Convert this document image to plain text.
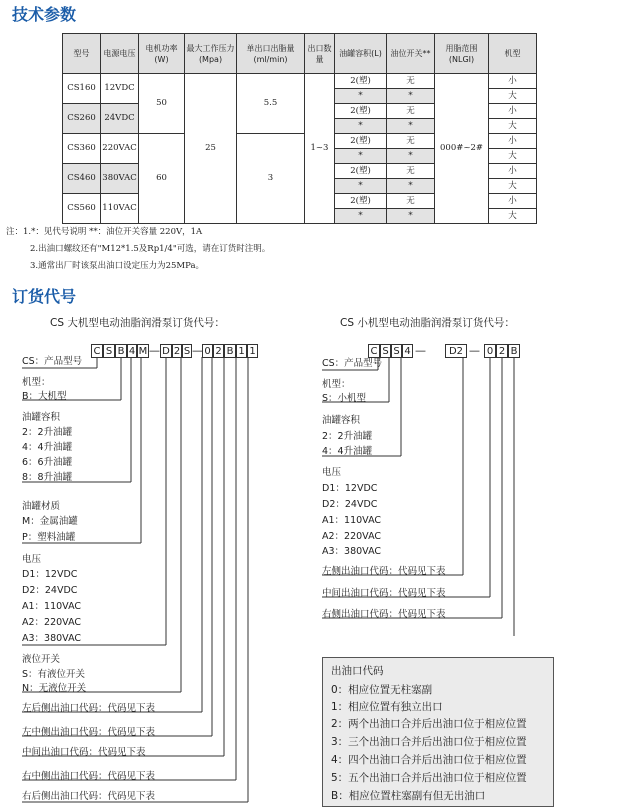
技术参数
型号	电源电压	电机功率(W)	最大工作压力(Mpa)	单出口出脂量(ml/min)	出口数量	油罐容积(L)	油位开关**	用脂范围(NLGI)	机型
CS160	12VDC	50	25	5.5	1~3	2(塑)	无	000#~2#	小
						*	*		大
CS260	24VDC					2(塑)	无		小
						*	*		大
CS360	220VAC	60		3		2(塑)	无		小
						*	*		大
CS460	380VAC					2(塑)	无		小
						*	*		大
CS560	110VAC					2(塑)	无		小
						*	*		大
注：1.*：见代号说明 **：油位开关容量 220V，1A
2.出油口螺纹还有"M12*1.5及Rp1/4"可选，请在订货时注明。
3.通常出厂时该泵出油口设定压力为25MPa。
订货代号
CS 大机型电动油脂润滑泵订货代号：	CS 小机型电动油脂润滑泵订货代号：
C S B 4 M — D 2 S — 0 2 B 1 1
CS：产品型号
机型：
B：大机型
油罐容积
2：2升油罐
4：4升油罐
6：6升油罐
8：8升油罐
油罐材质
M：金属油罐
P：塑料油罐
电压
D1：12VDC
D2：24VDC
A1：110VAC
A2：220VAC
A3：380VAC
液位开关
S：有液位开关
N：无液位开关
左后侧出油口代码：代码见下表
左中侧出油口代码：代码见下表
中间出油口代码：代码见下表
右中侧出油口代码：代码见下表
右后侧出油口代码：代码见下表
C S S 4 —	D2 — 0 2 B
CS：产品型号
机型：
S：小机型
油罐容积
2：2升油罐
4：4升油罐
电压
D1：12VDC
D2：24VDC
A1：110VAC
A2：220VAC
A3：380VAC
左侧出油口代码：代码见下表
中间出油口代码：代码见下表
右侧出油口代码：代码见下表
出油口代码
0：相应位置无柱塞副
1：相应位置有独立出口
2：两个出油口合并后出油口位于相应位置
3：三个出油口合并后出油口位于相应位置
4：四个出油口合并后出油口位于相应位置
5：五个出油口合并后出油口位于相应位置
B：相应位置柱塞副有但无出油口
